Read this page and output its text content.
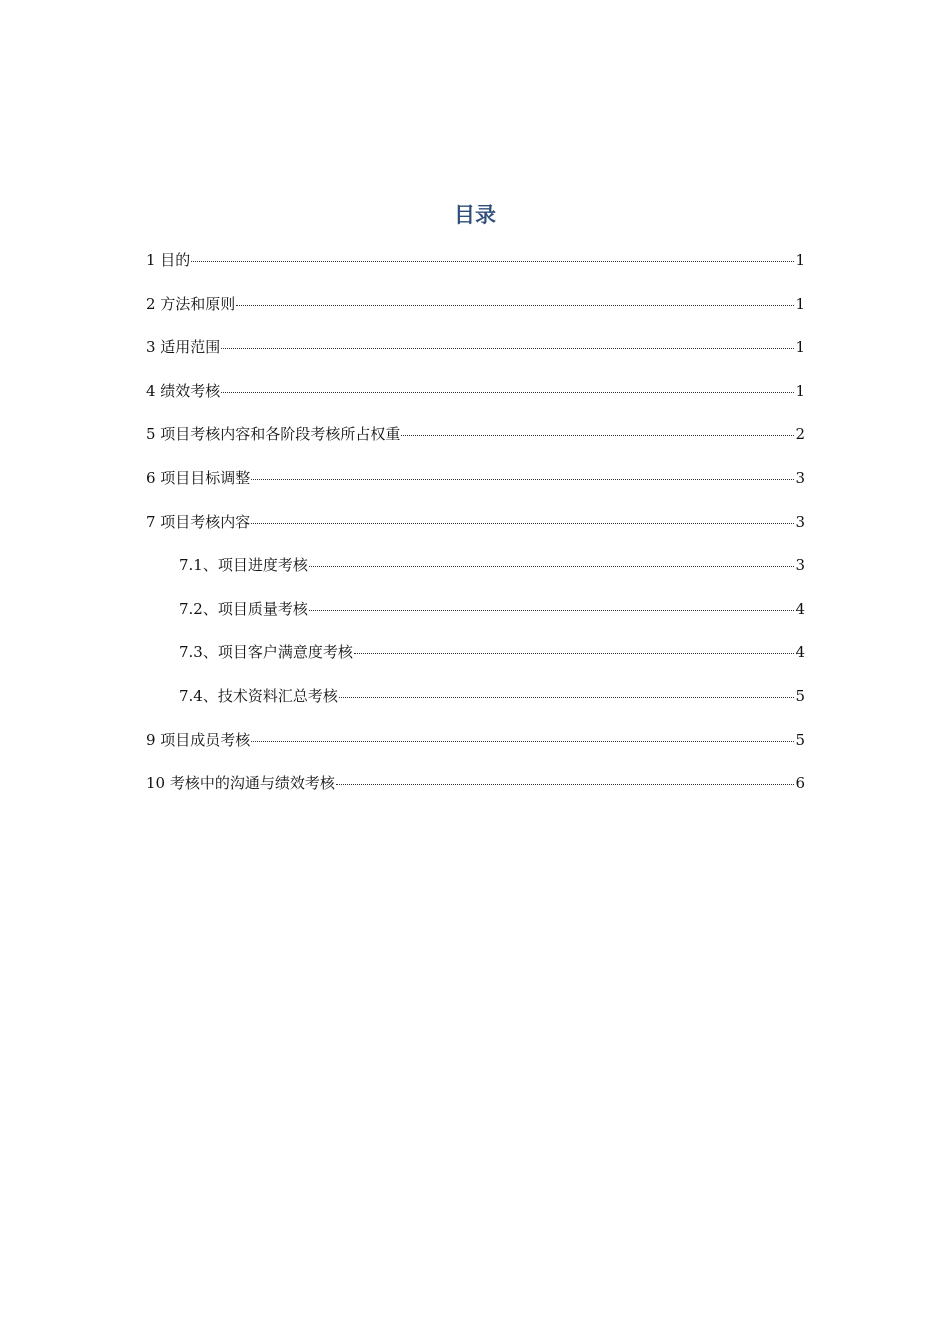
目录
1 目的	1
2 方法和原则	1
3 适用范围	1
4 绩效考核	1
5 项目考核内容和各阶段考核所占权重	2
6 项目目标调整	3
7 项目考核内容	3
7.1、项目进度考核	3
7.2、项目质量考核	4
7.3、项目客户满意度考核	4
7.4、技术资料汇总考核	5
9 项目成员考核	5
10 考核中的沟通与绩效考核	6
